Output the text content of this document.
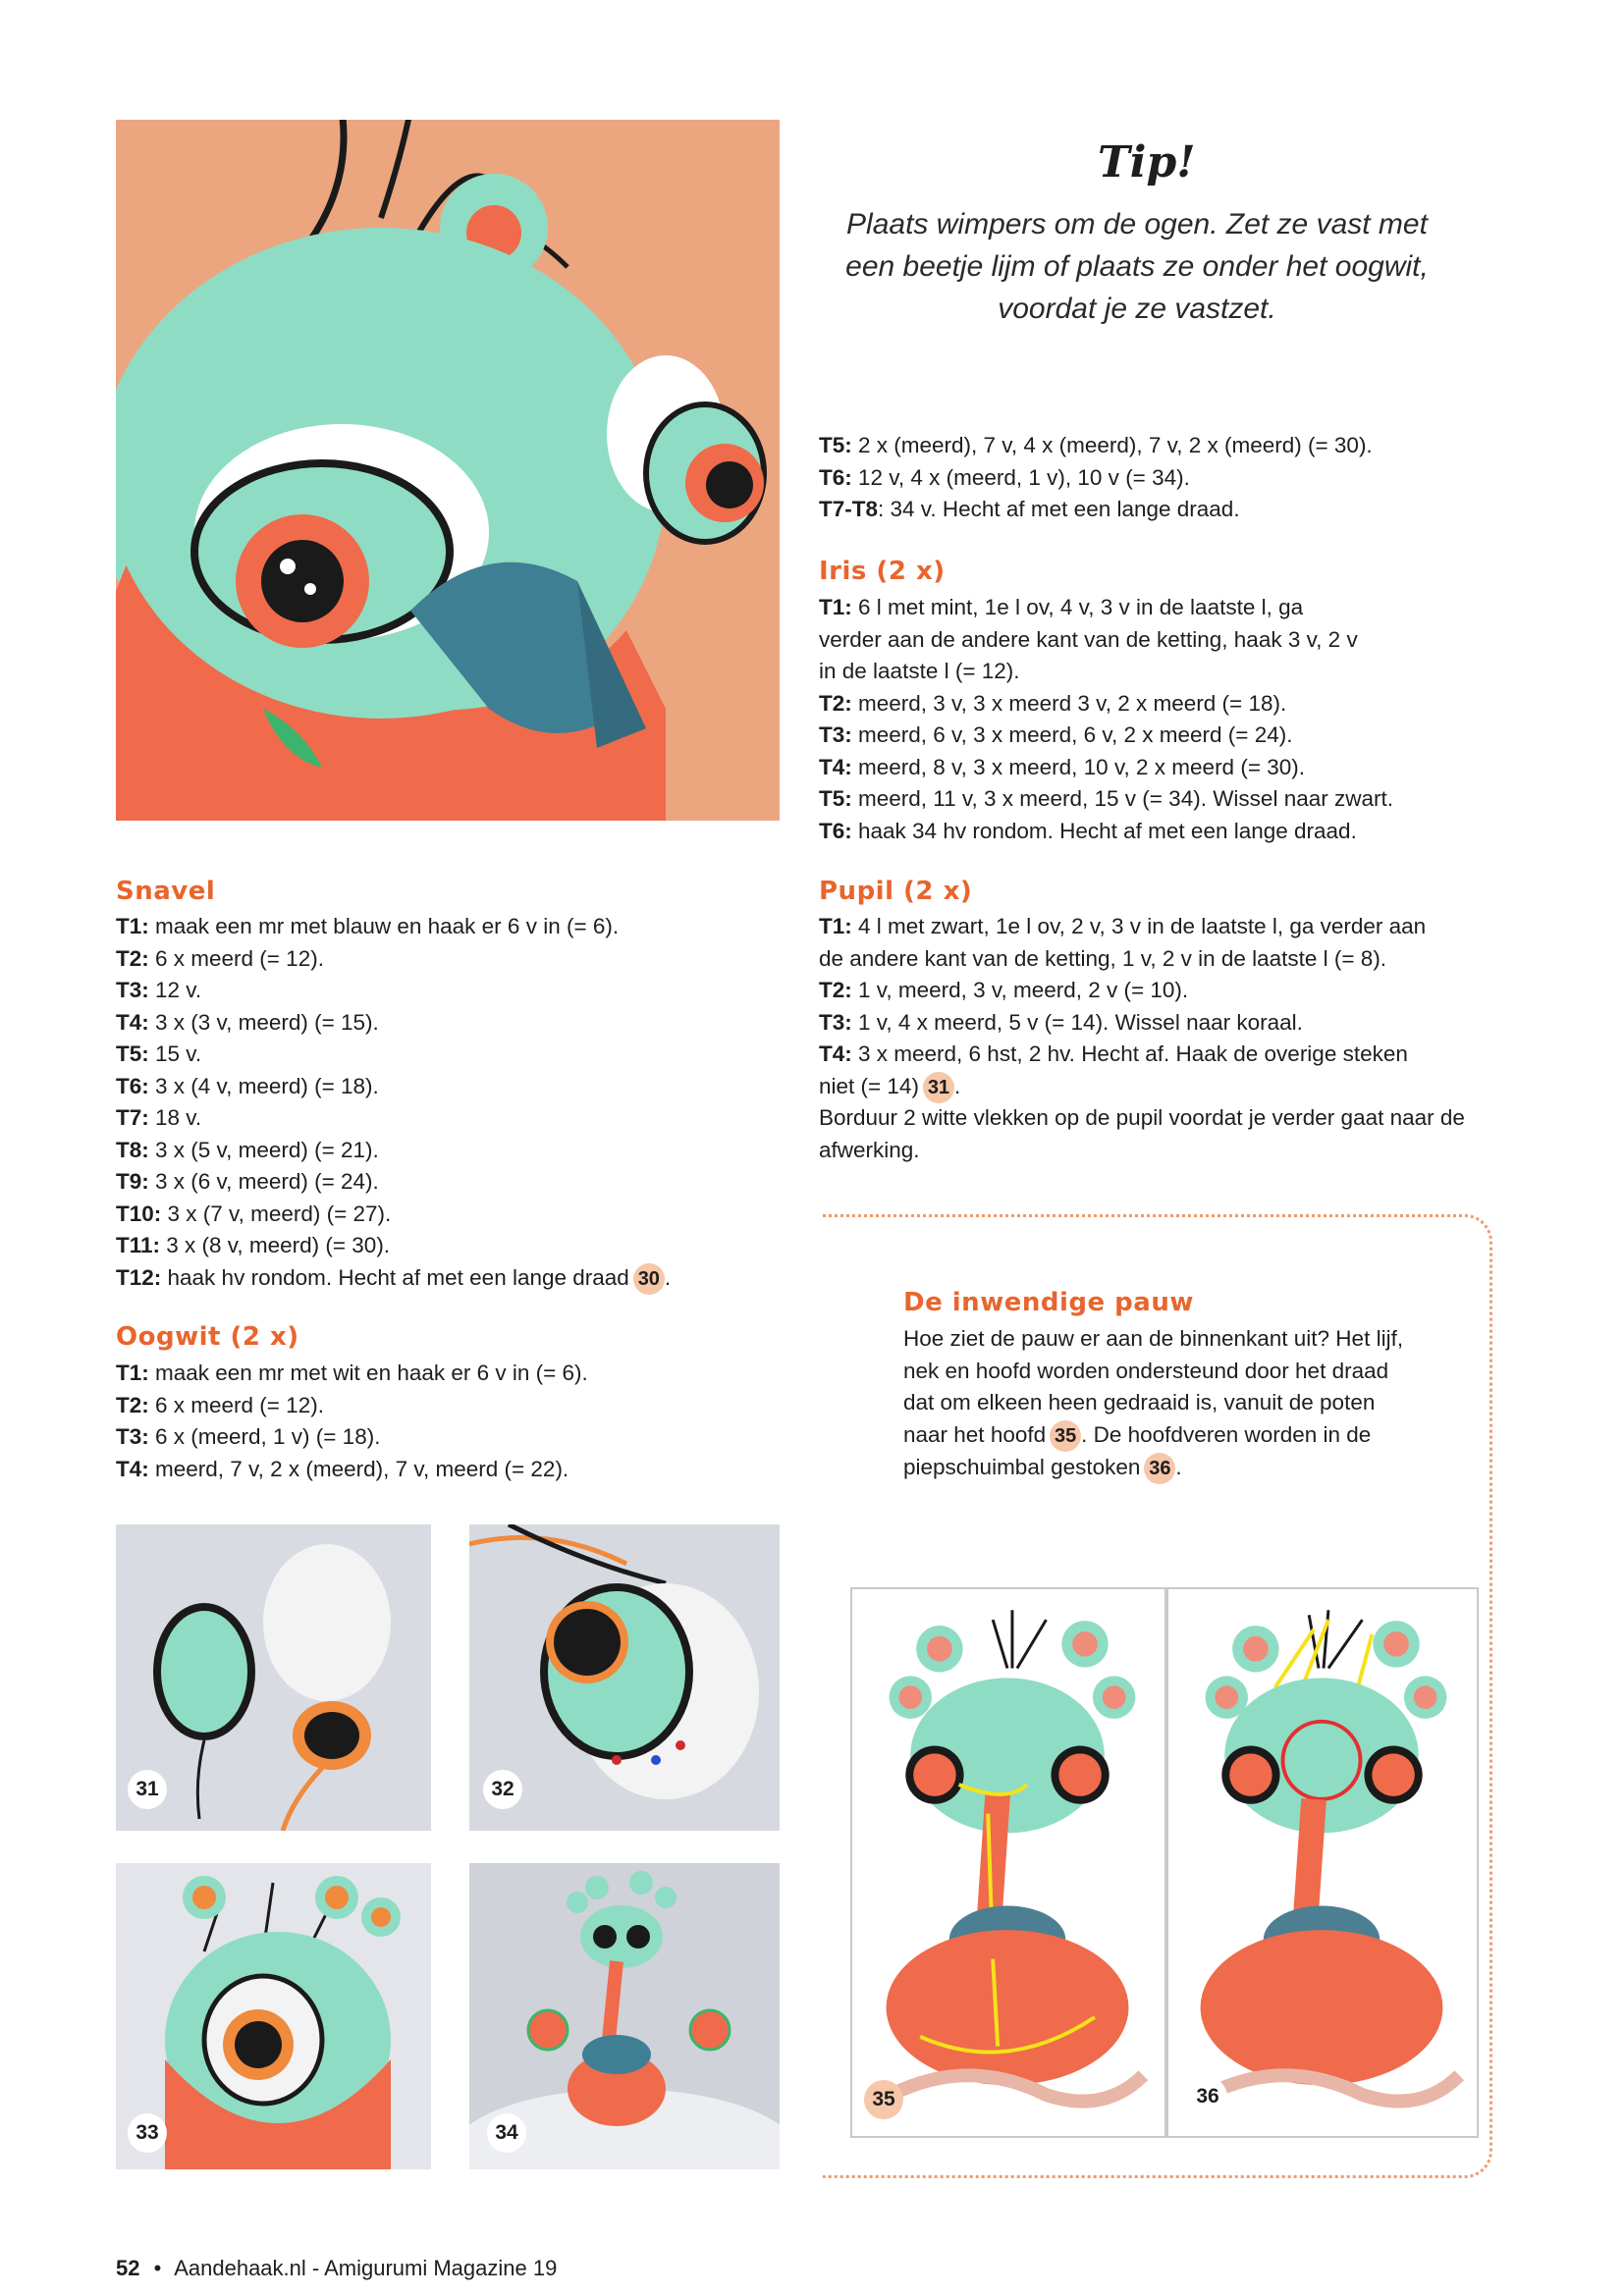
Tip!

Plaats wimpers om de ogen. Zet ze vast met een beetje lijm of plaats ze onder het oogwit, voordat je ze vastzet.

T5: 2 x (meerd), 7 v, 4 x (meerd), 7 v, 2 x (meerd) (= 30).
T6: 12 v, 4 x (meerd, 1 v), 10 v (= 34).
T7-T8: 34 v. Hecht af met een lange draad.
Iris (2 x)
T1: 6 l met mint, 1e l ov, 4 v, 3 v in de laatste l, ga
verder aan de andere kant van de ketting, haak 3 v, 2 v
in de laatste l (= 12).
T2: meerd, 3 v, 3 x meerd 3 v, 2 x meerd (= 18).
T3: meerd, 6 v, 3 x meerd, 6 v, 2 x meerd (= 24).
T4: meerd, 8 v, 3 x meerd, 10 v, 2 x meerd (= 30).
T5: meerd, 11 v, 3 x meerd, 15 v (= 34). Wissel naar zwart.
T6: haak 34 hv rondom. Hecht af met een lange draad.
Pupil (2 x)
T1: 4 l met zwart, 1e l ov, 2 v, 3 v in de laatste l, ga verder aan
de andere kant van de ketting, 1 v, 2 v in de laatste l (= 8).
T2: 1 v, meerd, 3 v, meerd, 2 v (= 10).
T3: 1 v, 4 x meerd, 5 v (= 14). Wissel naar koraal.
T4: 3 x meerd, 6 hst, 2 hv. Hecht af. Haak de overige steken
niet (= 14) 31 .
Borduur 2 witte vlekken op de pupil voordat je verder gaat naar de afwerking.
Snavel
T1: maak een mr met blauw en haak er 6 v in (= 6).
T2: 6 x meerd (= 12).
T3: 12 v.
T4: 3 x (3 v, meerd) (= 15).
T5: 15 v.
T6: 3 x (4 v, meerd) (= 18).
T7: 18 v.
T8: 3 x (5 v, meerd) (= 21).
T9: 3 x (6 v, meerd) (= 24).
T10: 3 x (7 v, meerd) (= 27).
T11: 3 x (8 v, meerd) (= 30).
T12: haak hv rondom. Hecht af met een lange draad 30 .
Oogwit (2 x)
T1: maak een mr met wit en haak er 6 v in (= 6).
T2: 6 x meerd (= 12).
T3: 6 x (meerd, 1 v) (= 18).
T4: meerd, 7 v, 2 x (meerd), 7 v, meerd (= 22).
31	32
33	34
De inwendige pauw
Hoe ziet de pauw er aan de binnenkant uit? Het lijf, nek en hoofd worden ondersteund door het draad dat om elkeen heen gedraaid is, vanuit de poten naar het hoofd 35 . De hoofdveren worden in de piepschuimbal gestoken 36 .
35	36
52 • Aandehaak.nl - Amigurumi Magazine 19
